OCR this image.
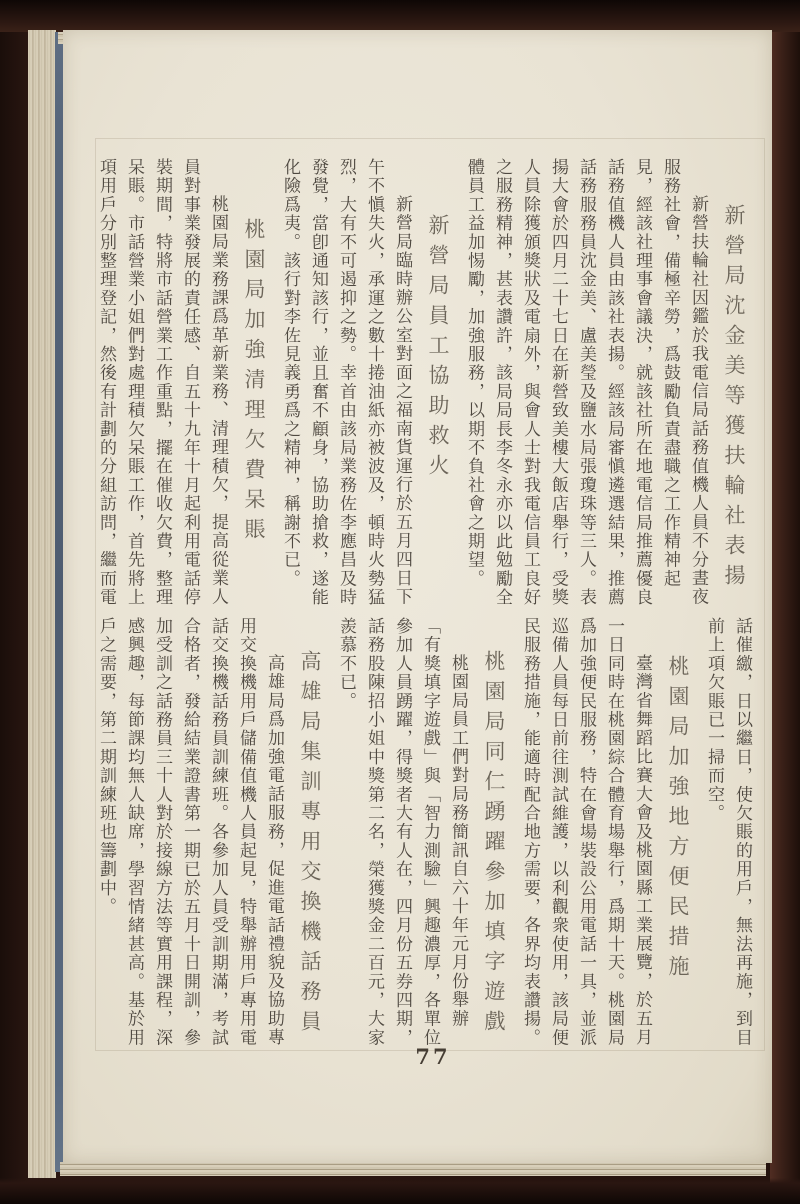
新營局沈金美等獲扶輪社表揚

新營扶輪社因鑑於我電信局話務值機人員不分晝夜服務社會，備極辛勞，爲鼓勵負責盡職之工作精神起見，經該社理事會議決，就該社所在地電信局推薦優良話務值機人員由該社表揚。經該局審愼遴選結果，推薦話務服務員沈金美、盧美瑩及鹽水局張瓊珠等三人。表揚大會於四月二十七日在新營致美樓大飯店舉行，受獎人員除獲頒獎狀及電扇外，與會人士對我電信員工良好之服務精神，甚表讚許，該局局長李冬永亦以此勉勵全體員工益加惕勵，加強服務，以期不負社會之期望。

新營局員工協助救火

新營局臨時辦公室對面之福南貨運行於五月四日下午不愼失火，承運之數十捲油紙亦被波及，頓時火勢猛烈，大有不可遏抑之勢。幸首由該局業務佐李應昌及時發覺，當卽通知該行，並且奮不顧身，協助搶救，遂能化險爲夷。該行對李佐見義勇爲之精神，稱謝不已。

桃園局加強清理欠費呆賬

桃園局業務課爲革新業務、清理積欠，提高從業人員對事業發展的責任感、自五十九年十月起利用電話停裝期間，特將市話營業工作重點，擺在催收欠費，整理呆賬。市話營業小姐們對處理積欠呆賬工作，首先將上項用戶分別整理登記，然後有計劃的分組訪問，繼而電

話催繳，日以繼日，使欠賬的用戶，無法再施，到目前上項欠賬已一掃而空。

桃園局加強地方便民措施

臺灣省舞蹈比賽大會及桃園縣工業展覽，於五月一日同時在桃園綜合體育場舉行，爲期十天。桃園局爲加強便民服務，特在會場裝設公用電話一具，並派巡備人員每日前往測試維護，以利觀衆使用，該局便民服務措施，能適時配合地方需要，各界均表讚揚。

桃園局同仁踴躍參加填字遊戲

桃園局員工們對局務簡訊自六十年元月份舉辦「有獎填字遊戲」與「智力測驗」興趣濃厚，各單位參加人員踴躍，得獎者大有人在，四月份五券四期，話務股陳招小姐中獎第二名，榮獲獎金二百元，大家羨慕不已。

高雄局集訓專用交換機話務員

高雄局爲加強電話服務，促進電話禮貌及協助專用交換機用戶儲備值機人員起見，特舉辦用戶專用電話交換機話務員訓練班。各參加人員受訓期滿，考試合格者，發給結業證書第一期已於五月十日開訓，參加受訓之話務員三十人對於接線方法等實用課程，深感興趣，每節課均無人缺席，學習情緒甚高。基於用戶之需要，第二期訓練班也籌劃中。

77
